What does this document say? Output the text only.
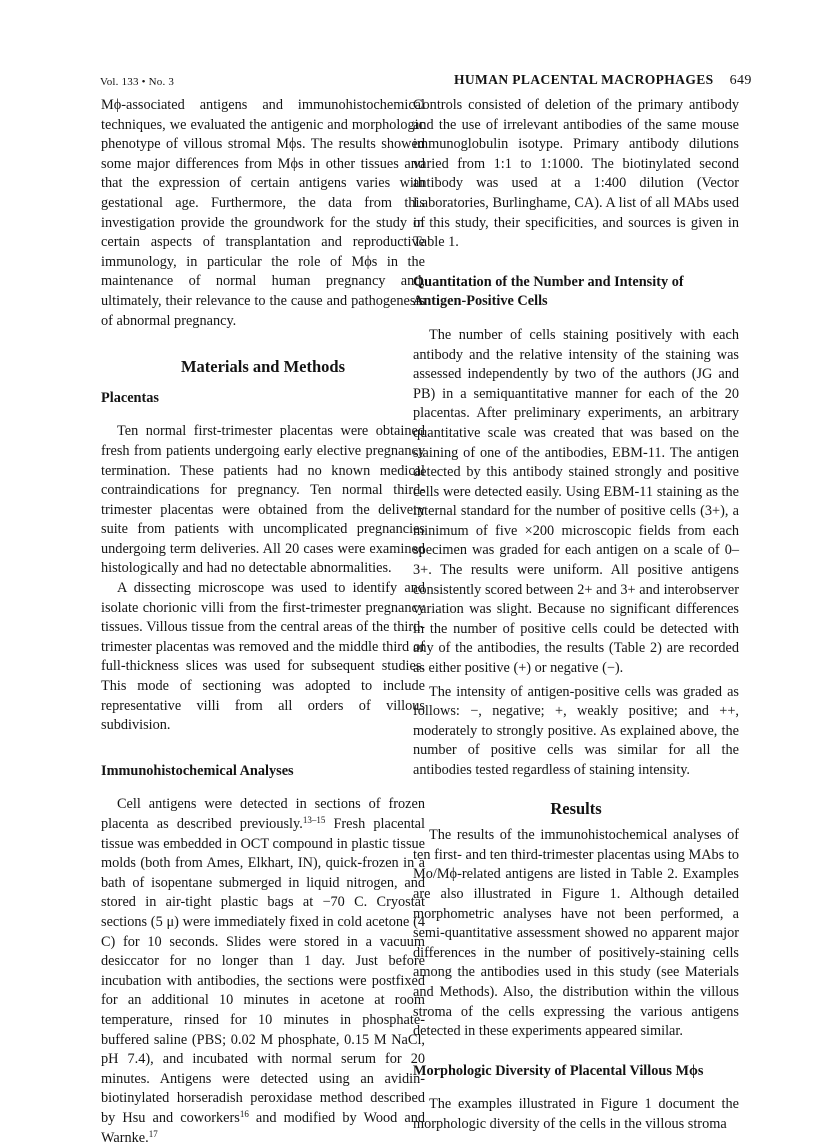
Vol. 133 • No. 3	HUMAN PLACENTAL MACROPHAGES 649

Mϕ-associated antigens and immunohistochemical techniques, we evaluated the antigenic and morphologic phenotype of villous stromal Mϕs. The results showed some major differences from Mϕs in other tissues and that the expression of certain antigens varies with gestational age. Furthermore, the data from this investigation provide the groundwork for the study of certain aspects of transplantation and reproductive immunology, in particular the role of Mϕs in the maintenance of normal human pregnancy and, ultimately, their relevance to the cause and pathogenesis of abnormal pregnancy.

Materials and Methods
Placentas

Ten normal first-trimester placentas were obtained fresh from patients undergoing early elective pregnancy termination. These patients had no known medical contraindications for pregnancy. Ten normal third-trimester placentas were obtained from the delivery suite from patients with uncomplicated pregnancies undergoing term deliveries. All 20 cases were examined histologically and had no detectable abnormalities.

A dissecting microscope was used to identify and isolate chorionic villi from the first-trimester pregnancy tissues. Villous tissue from the central areas of the third-trimester placentas was removed and the middle third of full-thickness slices was used for subsequent studies. This mode of sectioning was adopted to include representative villi from all orders of villous subdivision.

Immunohistochemical Analyses

Cell antigens were detected in sections of frozen placenta as described previously.$^{13-15}$ Fresh placental tissue was embedded in OCT compound in plastic tissue molds (both from Ames, Elkhart, IN), quick-frozen in a bath of isopentane submerged in liquid nitrogen, and stored in air-tight plastic bags at −70 C. Cryostat sections (5 μ) were immediately fixed in cold acetone (4 C) for 10 seconds. Slides were stored in a vacuum desiccator for no longer than 1 day. Just before incubation with antibodies, the sections were postfixed for an additional 10 minutes in acetone at room temperature, rinsed for 10 minutes in phosphate-buffered saline (PBS; 0.02 M phosphate, 0.15 M NaCl, pH 7.4), and incubated with normal serum for 20 minutes. Antigens were detected using an avidin-biotinylated horseradish peroxidase method described by Hsu and coworkers$^{16}$ and modified by Wood and Warnke.$^{17}$

Controls consisted of deletion of the primary antibody and the use of irrelevant antibodies of the same mouse immunoglobulin isotype. Primary antibody dilutions varied from 1:1 to 1:1000. The biotinylated second antibody was used at a 1:400 dilution (Vector Laboratories, Burlinghame, CA). A list of all MAbs used in this study, their specificities, and sources is given in Table 1.

Quantitation of the Number and Intensity of
Antigen-Positive Cells

The number of cells staining positively with each antibody and the relative intensity of the staining was assessed independently by two of the authors (JG and PB) in a semiquantitative manner for each of the 20 placentas. After preliminary experiments, an arbitrary quantitative scale was created that was based on the staining of one of the antibodies, EBM-11. The antigen detected by this antibody stained strongly and positive cells were detected easily. Using EBM-11 staining as the internal standard for the number of positive cells (3+), a minimum of five ×200 microscopic fields from each specimen was graded for each antigen on a scale of 0–3+. The results were uniform. All positive antigens consistently scored between 2+ and 3+ and interobserver variation was slight. Because no significant differences in the number of positive cells could be detected with any of the antibodies, the results (Table 2) are recorded as either positive (+) or negative (−).

The intensity of antigen-positive cells was graded as follows: −, negative; +, weakly positive; and ++, moderately to strongly positive. As explained above, the number of positive cells was similar for all the antibodies tested regardless of staining intensity.

Results

The results of the immunohistochemical analyses of ten first- and ten third-trimester placentas using MAbs to Mo/Mϕ-related antigens are listed in Table 2. Examples are also illustrated in Figure 1. Although detailed morphometric analyses have not been performed, a semi-quantitative assessment showed no apparent major differences in the number of positively-staining cells among the antibodies used in this study (see Materials and Methods). Also, the distribution within the villous stroma of the cells expressing the various antigens detected in these experiments appeared similar.

Morphologic Diversity of Placental Villous Mϕs

The examples illustrated in Figure 1 document the morphologic diversity of the cells in the villous stroma
